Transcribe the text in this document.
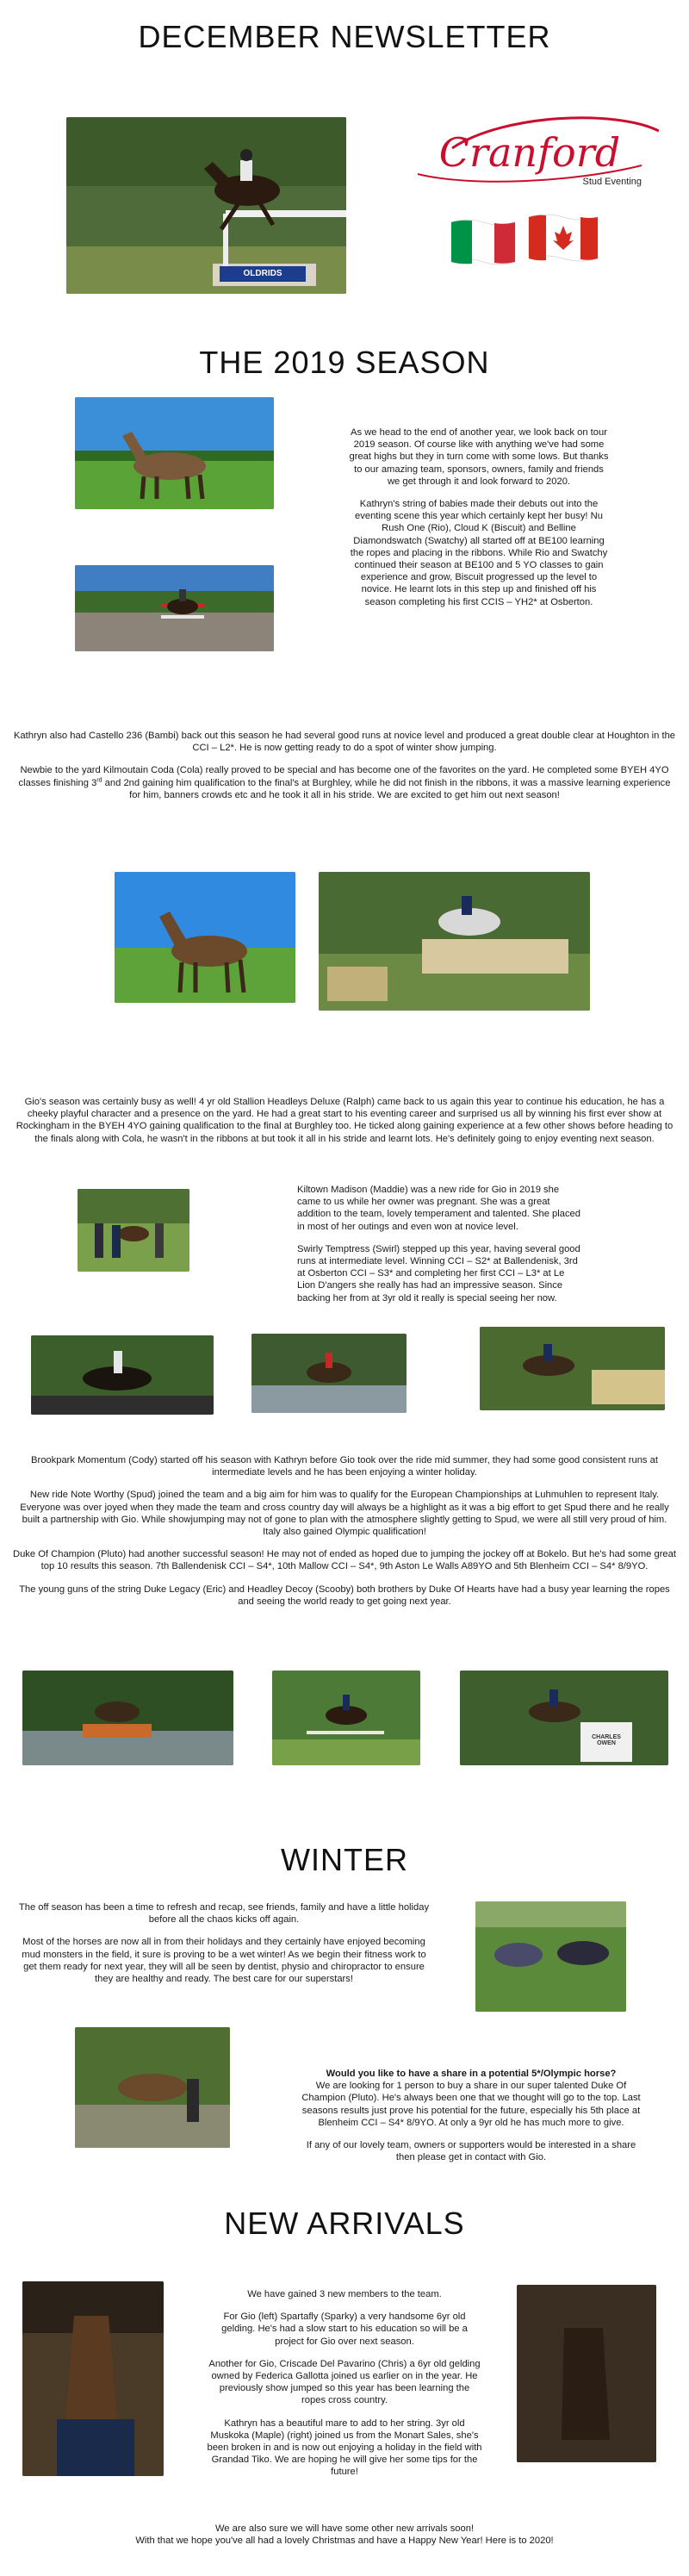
DECEMBER NEWSLETTER
OLDRIDS
Cranford
Stud Eventing
THE 2019 SEASON

As we head to the end of another year, we look back on tour 2019 season. Of course like with anything we've had some great highs but they in turn come with some lows. But thanks to our amazing team, sponsors, owners, family and friends we get through it and look forward to 2020.

Kathryn's string of babies made their debuts out into the eventing scene this year which certainly kept her busy! Nu Rush One (Rio), Cloud K (Biscuit) and Belline Diamondswatch (Swatchy) all started off at BE100 learning the ropes and placing in the ribbons. While Rio and Swatchy continued their season at BE100 and 5 YO classes to gain experience and grow, Biscuit progressed up the level to novice. He learnt lots in this step up and finished off his season completing his first CCIS – YH2* at Osberton.

Kathryn also had Castello 236 (Bambi) back out this season he had several good runs at novice level and produced a great double clear at Houghton in the CCI – L2*. He is now getting ready to do a spot of winter show jumping.

Newbie to the yard Kilmoutain Coda (Cola) really proved to be special and has become one of the favorites on the yard. He completed some BYEH 4YO classes finishing 3rd and 2nd gaining him qualification to the final's at Burghley, while he did not finish in the ribbons, it was a massive learning experience for him, banners crowds etc and he took it all in his stride. We are excited to get him out next season!

Gio's season was certainly busy as well! 4 yr old Stallion Headleys Deluxe (Ralph) came back to us again this year to continue his education, he has a cheeky playful character and a presence on the yard. He had a great start to his eventing career and surprised us all by winning his first ever show at Rockingham in the BYEH 4YO gaining qualification to the final at Burghley too. He ticked along gaining experience at a few other shows before heading to the finals along with Cola, he wasn't in the ribbons at but took it all in his stride and learnt lots. He's definitely going to enjoy eventing next season.

Kiltown Madison (Maddie) was a new ride for Gio in 2019 she came to us while her owner was pregnant. She was a great addition to the team, lovely temperament and talented. She placed in most of her outings and even won at novice level.

Swirly Temptress (Swirl) stepped up this year, having several good runs at intermediate level. Winning CCI – S2* at Ballendenisk, 3rd at Osberton CCI – S3* and completing her first CCI – L3* at Le Lion D'angers she really has had an impressive season. Since backing her from at 3yr old it really is special seeing her now.

Brookpark Momentum (Cody) started off his season with Kathryn before Gio took over the ride mid summer, they had some good consistent runs at intermediate levels and he has been enjoying a winter holiday.

New ride Note Worthy (Spud) joined the team and a big aim for him was to qualify for the European Championships at Luhmuhlen to represent Italy. Everyone was over joyed when they made the team and cross country day will always be a highlight as it was a big effort to get Spud there and he really built a partnership with Gio. While showjumping may not of gone to plan with the atmosphere slightly getting to Spud, we were all still very proud of him. Italy also gained Olympic qualification!

Duke Of Champion (Pluto) had another successful season! He may not of ended as hoped due to jumping the jockey off at Bokelo. But he's had some great top 10 results this season. 7th Ballendenisk CCI – S4*, 10th Mallow CCI – S4*, 9th Aston Le Walls A89YO and 5th Blenheim CCI – S4* 8/9YO.

The young guns of the string Duke Legacy (Eric) and Headley Decoy (Scooby) both brothers by Duke Of Hearts have had a busy year learning the ropes and seeing the world ready to get going next year.

CHARLES OWEN
WINTER

The off season has been a time to refresh and recap, see friends, family and have a little holiday before all the chaos kicks off again.

Most of the horses are now all in from their holidays and they certainly have enjoyed becoming mud monsters in the field, it sure is proving to be a wet winter! As we begin their fitness work to get them ready for next year, they will all be seen by dentist, physio and chiropractor to ensure they are healthy and ready. The best care for our superstars!

Would you like to have a share in a potential 5*/Olympic horse?

We are looking for 1 person to buy a share in our super talented Duke Of Champion (Pluto). He's always been one that we thought will go to the top. Last seasons results just prove his potential for the future, especially his 5th place at Blenheim CCI – S4* 8/9YO. At only a 9yr old he has much more to give.

If any of our lovely team, owners or supporters would be interested in a share then please get in contact with Gio.

NEW ARRIVALS

We have gained 3 new members to the team.

For Gio (left) Spartafly (Sparky) a very handsome 6yr old gelding. He's had a slow start to his education so will be a project for Gio over next season.

Another for Gio, Criscade Del Pavarino (Chris) a 6yr old gelding owned by Federica Gallotta joined us earlier on in the year. He previously show jumped so this year has been learning the ropes cross country.

Kathryn has a beautiful mare to add to her string. 3yr old Muskoka (Maple) (right) joined us from the Monart Sales, she's been broken in and is now out enjoying a holiday in the field with Grandad Tiko. We are hoping he will give her some tips for the future!

We are also sure we will have some other new arrivals soon!

With that we hope you've all had a lovely Christmas and have a Happy New Year! Here is to 2020!
